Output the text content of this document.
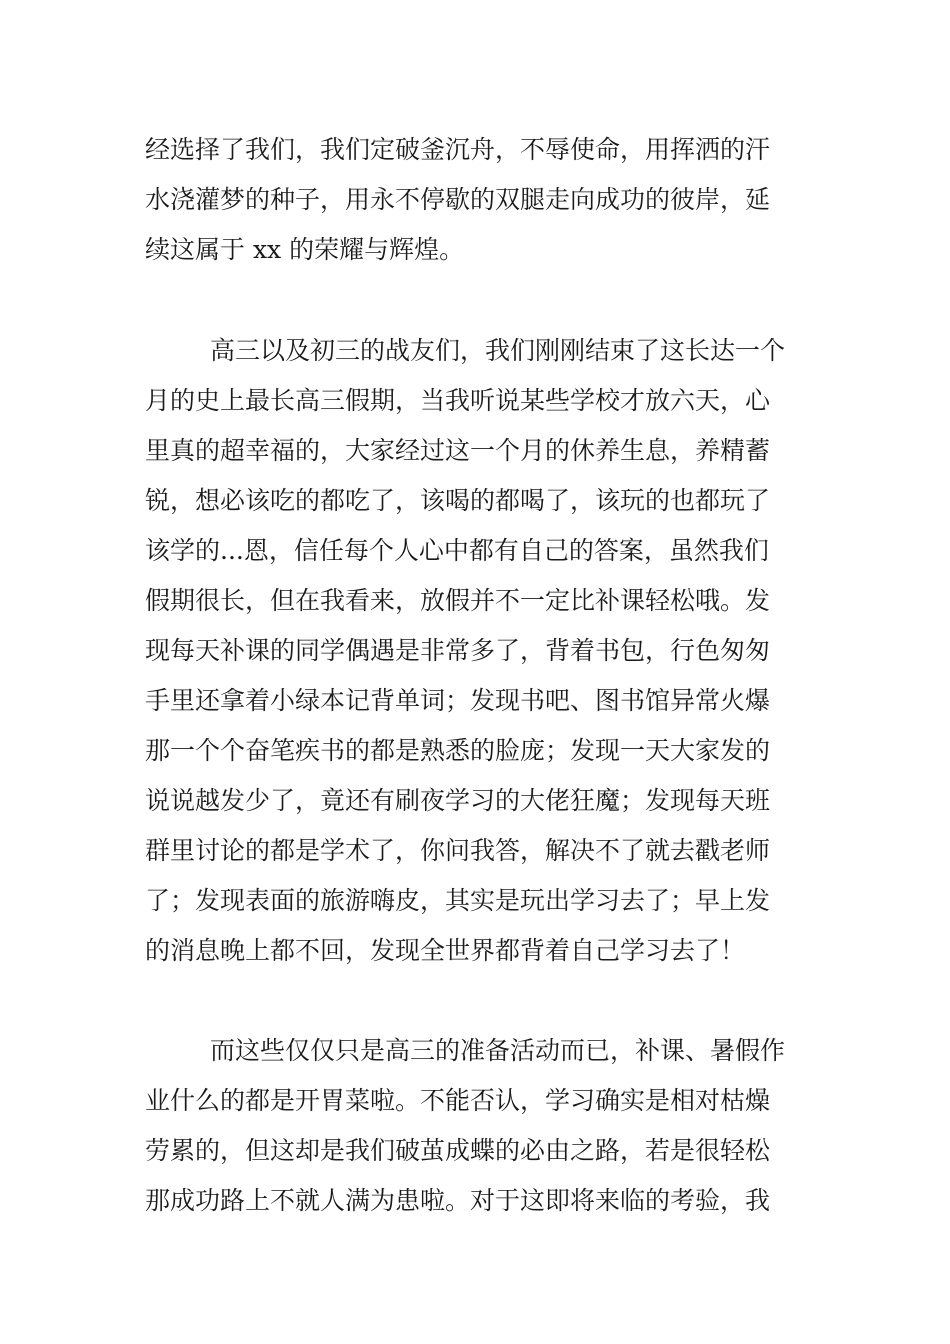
经选择了我们，我们定破釜沉舟，不辱使命，用挥洒的汗
水浇灌梦的种子，用永不停歇的双腿走向成功的彼岸，延
续这属于 xx 的荣耀与辉煌。
高三以及初三的战友们，我们刚刚结束了这长达一个
月的史上最长高三假期，当我听说某些学校才放六天，心
里真的超幸福的，大家经过这一个月的休养生息，养精蓄
锐，想必该吃的都吃了，该喝的都喝了，该玩的也都玩了
该学的...恩，信任每个人心中都有自己的答案，虽然我们
假期很长，但在我看来，放假并不一定比补课轻松哦。发
现每天补课的同学偶遇是非常多了，背着书包，行色匆匆
手里还拿着小绿本记背单词；发现书吧、图书馆异常火爆
那一个个奋笔疾书的都是熟悉的脸庞；发现一天大家发的
说说越发少了，竟还有刷夜学习的大佬狂魔；发现每天班
群里讨论的都是学术了，你问我答，解决不了就去戳老师
了；发现表面的旅游嗨皮，其实是玩出学习去了；早上发
的消息晚上都不回，发现全世界都背着自己学习去了！
而这些仅仅只是高三的准备活动而已，补课、暑假作
业什么的都是开胃菜啦。不能否认，学习确实是相对枯燥
劳累的，但这却是我们破茧成蝶的必由之路，若是很轻松
那成功路上不就人满为患啦。对于这即将来临的考验，我
